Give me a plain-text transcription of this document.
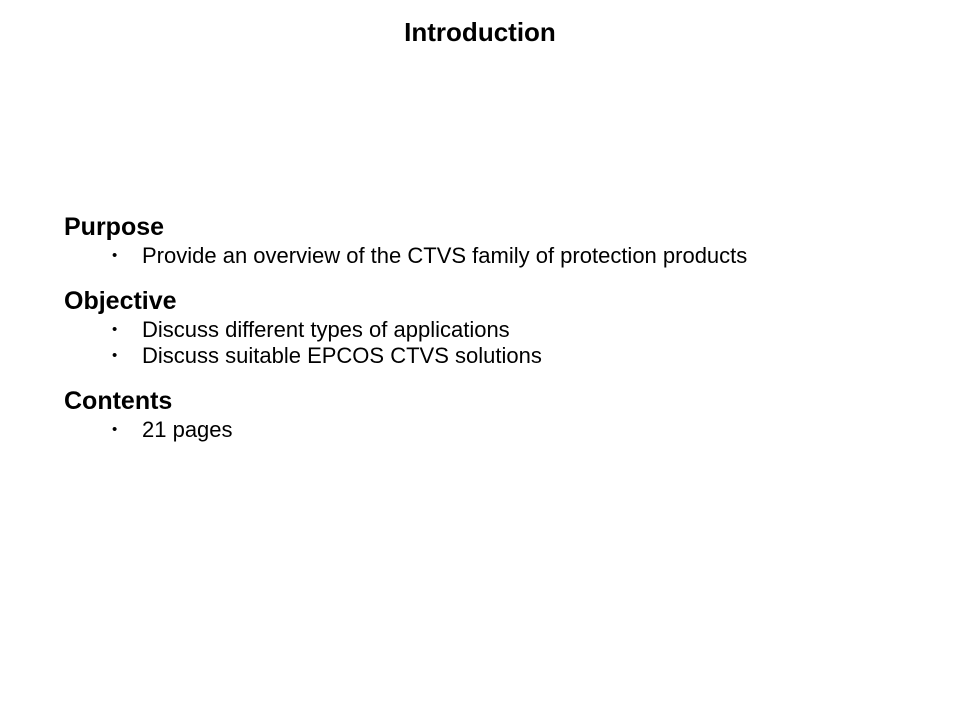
Introduction
Purpose
• Provide an overview of the CTVS family of protection products
Objective
• Discuss different types of applications
• Discuss suitable EPCOS CTVS solutions
Contents
• 21 pages
